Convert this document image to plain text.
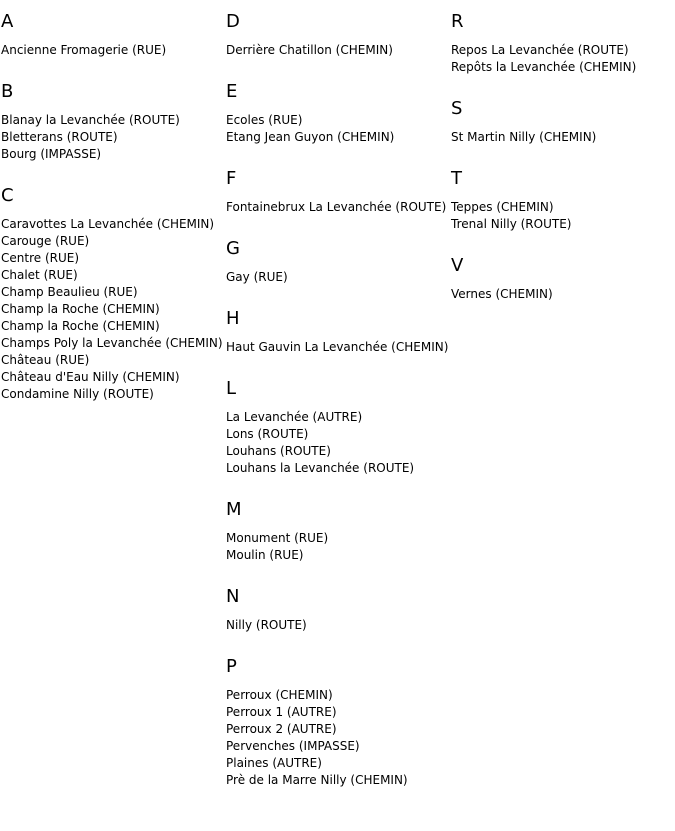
A
Ancienne Fromagerie (RUE)
B
Blanay la Levanchée (ROUTE)
Bletterans (ROUTE)
Bourg (IMPASSE)
C
Caravottes La Levanchée (CHEMIN)
Carouge (RUE)
Centre (RUE)
Chalet (RUE)
Champ Beaulieu (RUE)
Champ la Roche (CHEMIN)
Champ la Roche (CHEMIN)
Champs Poly la Levanchée (CHEMIN)
Château (RUE)
Château d'Eau Nilly (CHEMIN)
Condamine Nilly (ROUTE)
D
Derrière Chatillon (CHEMIN)
E
Ecoles (RUE)
Etang Jean Guyon (CHEMIN)
F
Fontainebrux La Levanchée (ROUTE)
G
Gay (RUE)
H
Haut Gauvin La Levanchée (CHEMIN)
L
La Levanchée (AUTRE)
Lons (ROUTE)
Louhans (ROUTE)
Louhans la Levanchée (ROUTE)
M
Monument (RUE)
Moulin (RUE)
N
Nilly (ROUTE)
P
Perroux (CHEMIN)
Perroux 1 (AUTRE)
Perroux 2 (AUTRE)
Pervenches (IMPASSE)
Plaines (AUTRE)
Prè de la Marre Nilly (CHEMIN)
R
Repos La Levanchée (ROUTE)
Repôts la Levanchée (CHEMIN)
S
St Martin Nilly (CHEMIN)
T
Teppes (CHEMIN)
Trenal Nilly (ROUTE)
V
Vernes (CHEMIN)
